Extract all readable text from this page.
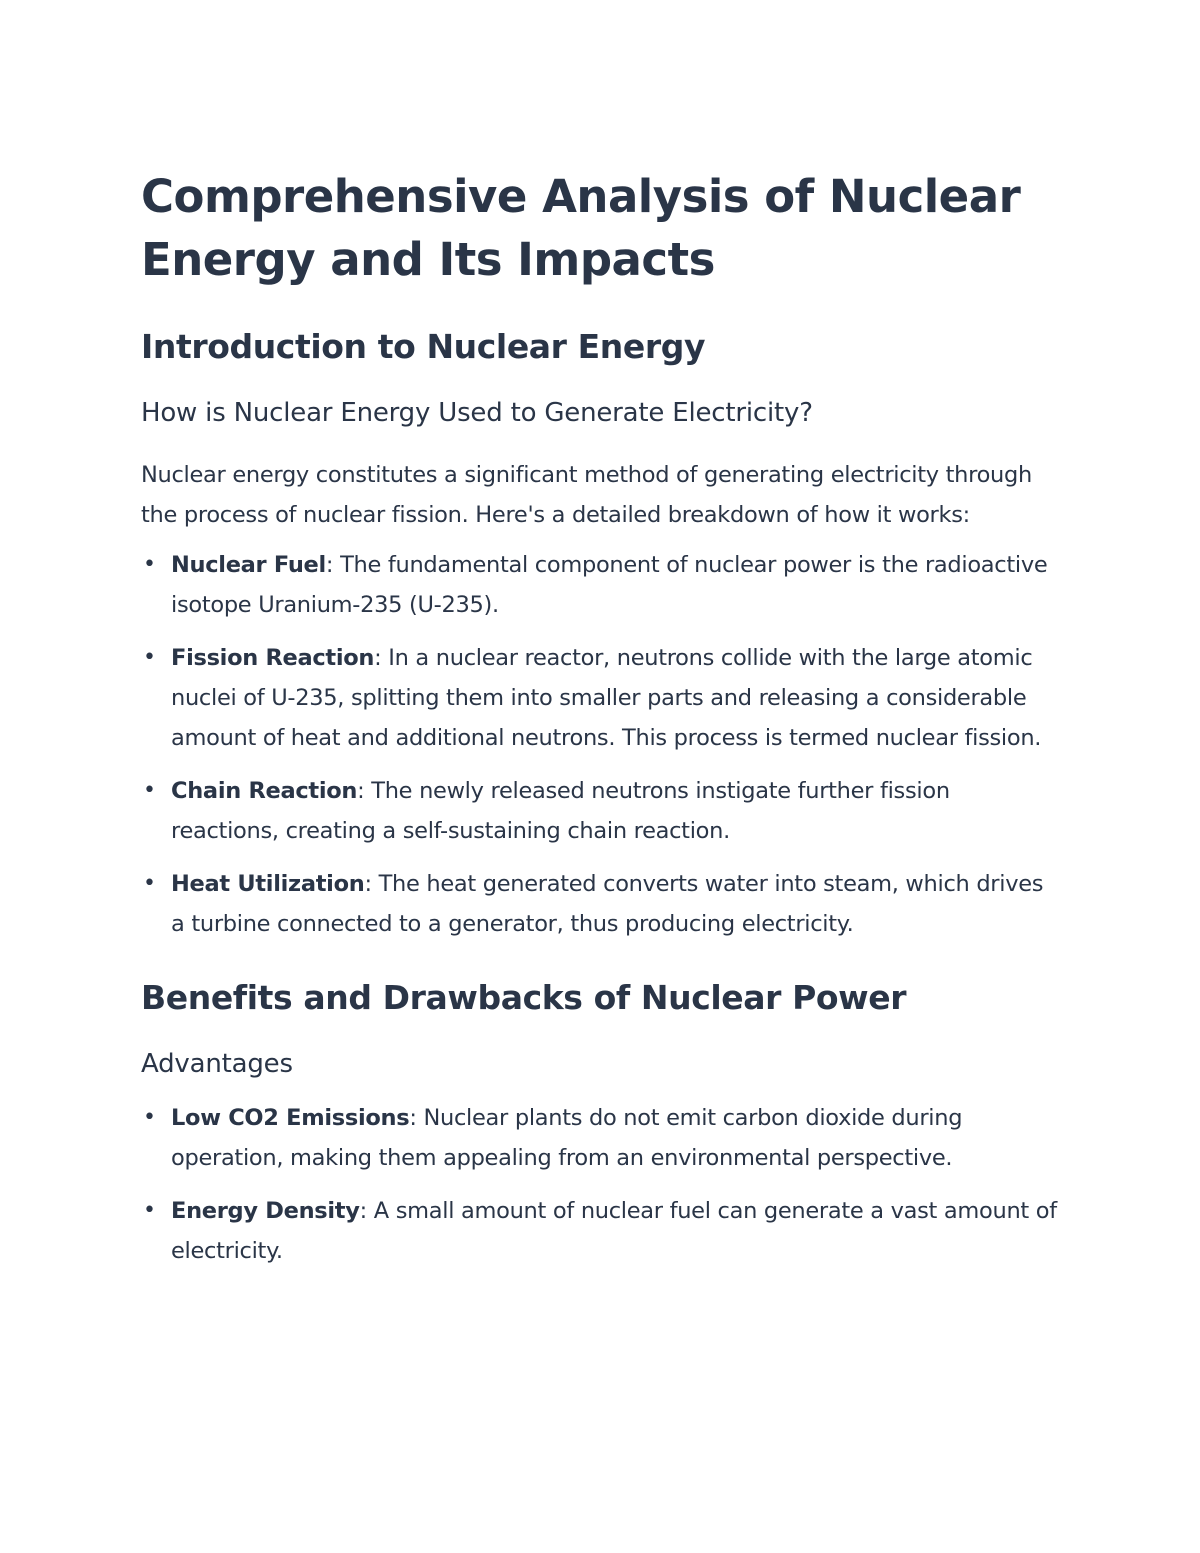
Comprehensive Analysis of Nuclear Energy and Its Impacts
Introduction to Nuclear Energy
How is Nuclear Energy Used to Generate Electricity?

Nuclear energy constitutes a significant method of generating electricity through the process of nuclear fission. Here's a detailed breakdown of how it works:

• Nuclear Fuel: The fundamental component of nuclear power is the radioactive isotope Uranium-235 (U-235).
• Fission Reaction: In a nuclear reactor, neutrons collide with the large atomic nuclei of U-235, splitting them into smaller parts and releasing a considerable amount of heat and additional neutrons. This process is termed nuclear fission.
• Chain Reaction: The newly released neutrons instigate further fission reactions, creating a self-sustaining chain reaction.
• Heat Utilization: The heat generated converts water into steam, which drives a turbine connected to a generator, thus producing electricity.
Benefits and Drawbacks of Nuclear Power
Advantages
• Low CO2 Emissions: Nuclear plants do not emit carbon dioxide during operation, making them appealing from an environmental perspective.
• Energy Density: A small amount of nuclear fuel can generate a vast amount of electricity.
